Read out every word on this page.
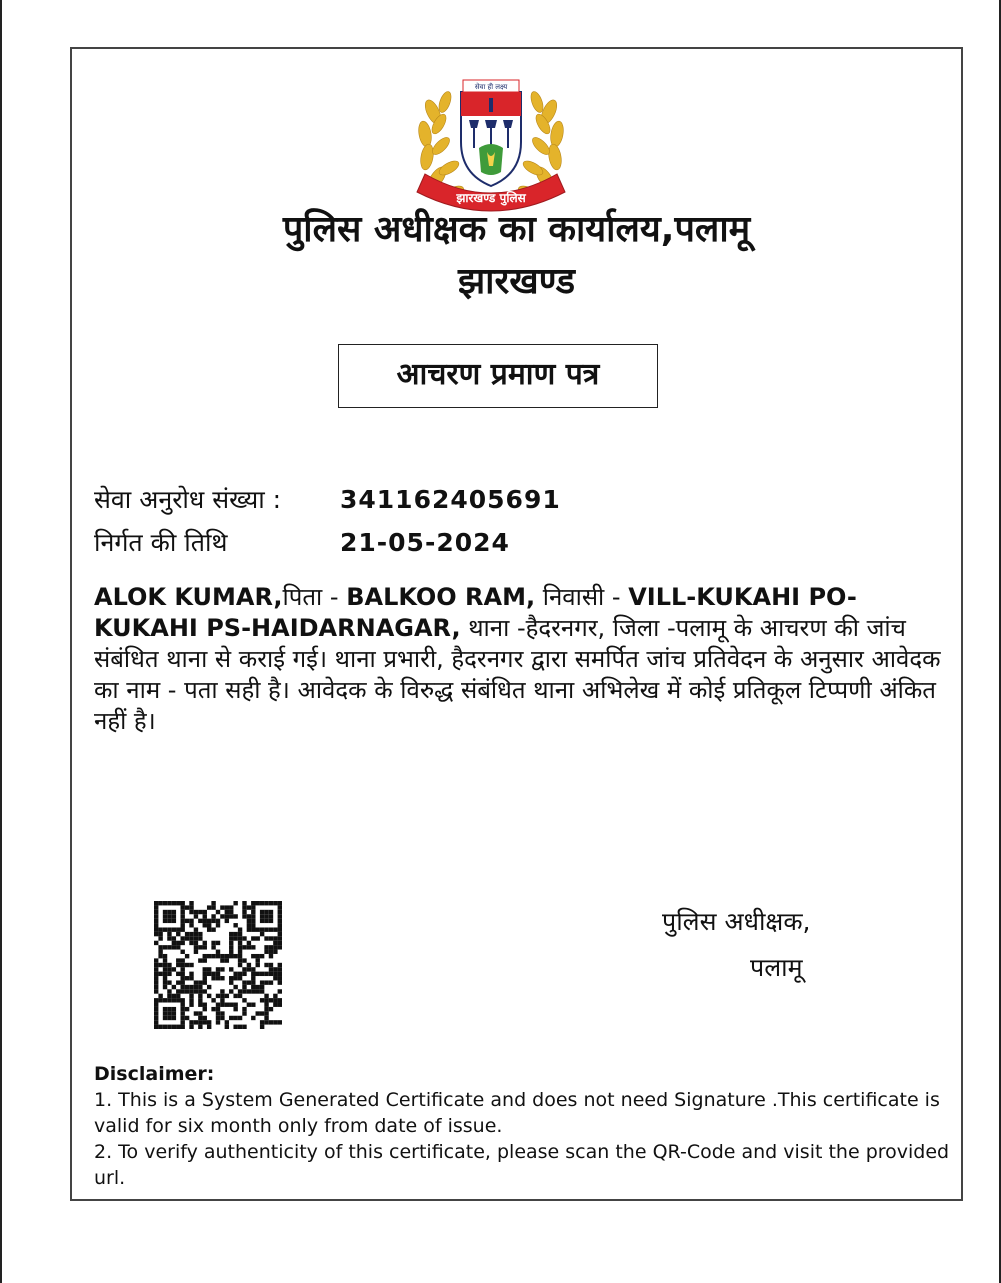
सेवा ही लक्ष्य
झारखण्ड पुलिस
पुलिस अधीक्षक का कार्यालय,पलामू
झारखण्ड
आचरण प्रमाण पत्र
सेवा अनुरोध संख्या : 341162405691
निर्गत की तिथि	21-05-2024
ALOK KUMAR,पिता - BALKOO RAM, निवासी - VILL-KUKAHI PO-KUKAHI PS-HAIDARNAGAR, थाना -हैदरनगर, जिला -पलामू के आचरण की जांच संबंधित थाना से कराई गई। थाना प्रभारी, हैदरनगर द्वारा समर्पित जांच प्रतिवेदन के अनुसार आवेदक का नाम - पता सही है। आवेदक के विरुद्ध संबंधित थाना अभिलेख में कोई प्रतिकूल टिप्पणी अंकित नहीं है।
पुलिस अधीक्षक,
पलामू
Disclaimer:
1. This is a System Generated Certificate and does not need Signature .This certificate is valid for six month only from date of issue.
2. To verify authenticity of this certificate, please scan the QR-Code and visit the provided url.
